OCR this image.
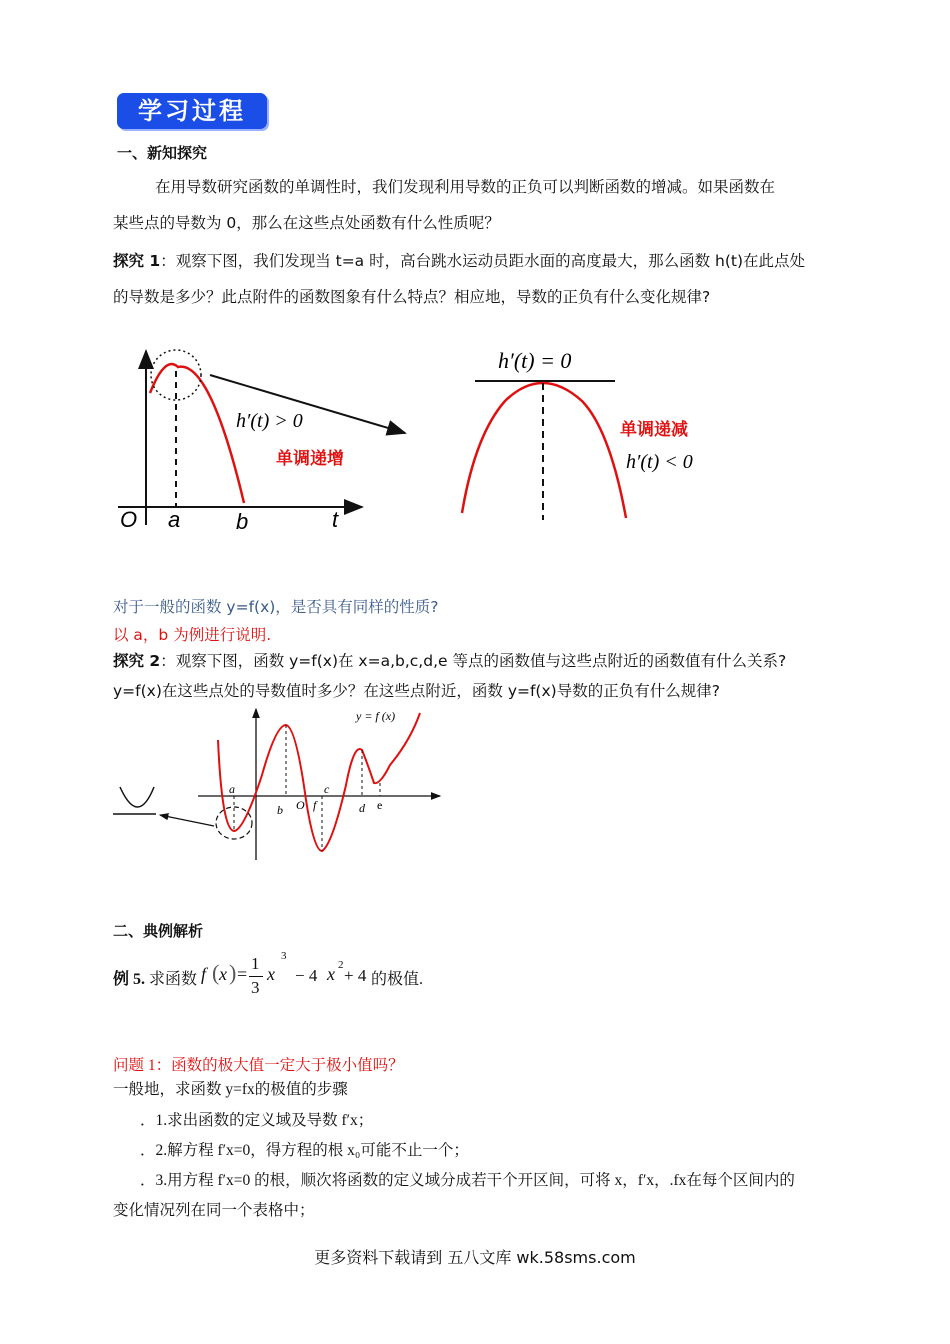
学习过程
一、新知探究
在用导数研究函数的单调性时，我们发现利用导数的正负可以判断函数的增减。如果函数在
某些点的导数为 0，那么在这些点处函数有什么性质呢？
探究 1：观察下图，我们发现当 t=a 时，高台跳水运动员距水面的高度最大，那么函数 h(t)在此点处
的导数是多少？此点附件的函数图象有什么特点？相应地，导数的正负有什么变化规律?
O a	b	t
h′(t) > 0
单调递增
h′(t) = 0
单调递减
h′(t) < 0
对于一般的函数 y=f(x)，是否具有同样的性质?
以 a，b 为例进行说明.
探究 2：观察下图，函数 y=f(x)在 x=a,b,c,d,e 等点的函数值与这些点附近的函数值有什么关系?
y=f(x)在这些点处的导数值时多少？在这些点附近，函数 y=f(x)导数的正负有什么规律?
y = f (x)
a
b O f
c
d e
二、典例解析
例 5. 求函数 f ( x ) =
1
3
x
3
− 4 x 2
+ 4 的极值.
问题 1：函数的极大值一定大于极小值吗？
一般地，求函数 y=fx的极值的步骤
．1.求出函数的定义域及导数 f′x；
．2.解方程 f′x=0，得方程的根 x₀可能不止一个；
．3.用方程 f′x=0 的根，顺次将函数的定义域分成若干个开区间，可将 x，f′x，.fx在每个区间内的
变化情况列在同一个表格中；
更多资料下载请到 五八文库 wk.58sms.com
